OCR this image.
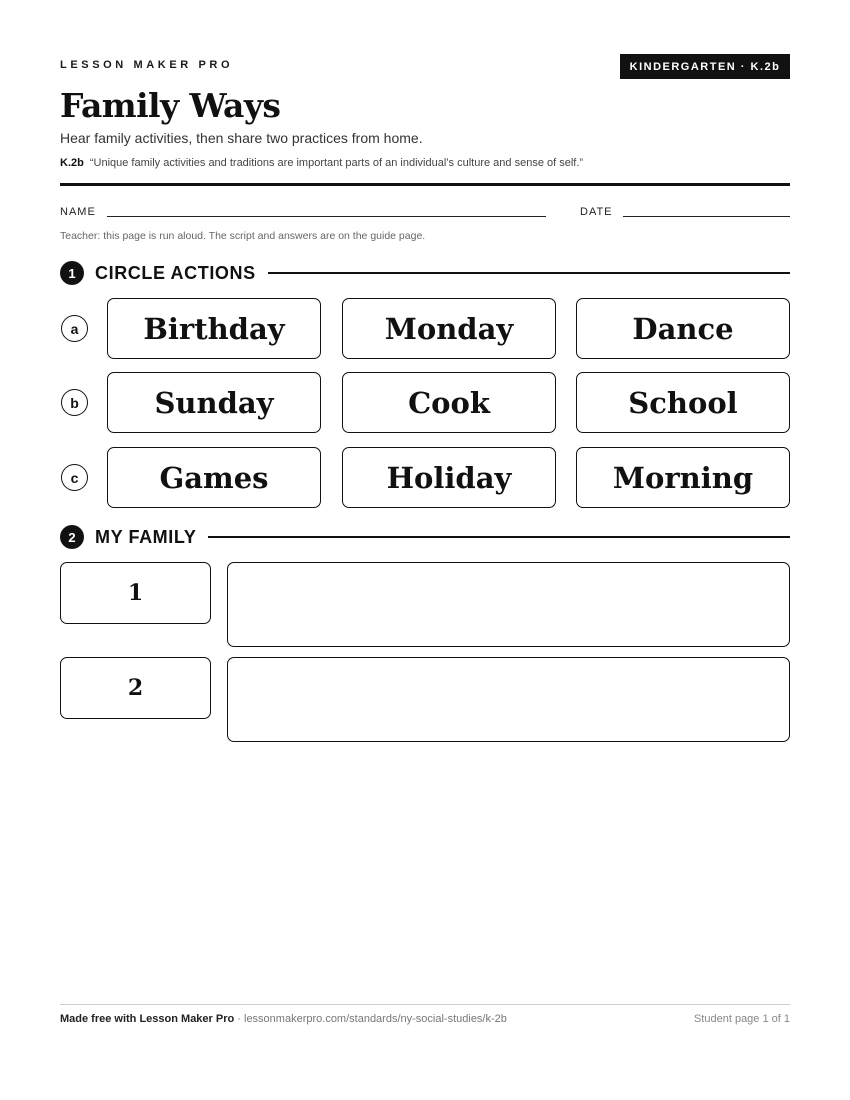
LESSON MAKER PRO	KINDERGARTEN · K.2b
Family Ways
Hear family activities, then share two practices from home.
K.2b “Unique family activities and traditions are important parts of an individual’s culture and sense of self.”
NAME	DATE
Teacher: this page is run aloud. The script and answers are on the guide page.
1	CIRCLE ACTIONS
a	Birthday	Monday	Dance
b	Sunday	Cook	School
c	Games	Holiday	Morning
2	MY FAMILY
1
2
Made free with Lesson Maker Pro · lessonmakerpro.com/standards/ny-social-studies/k-2b	Student page 1 of 1
